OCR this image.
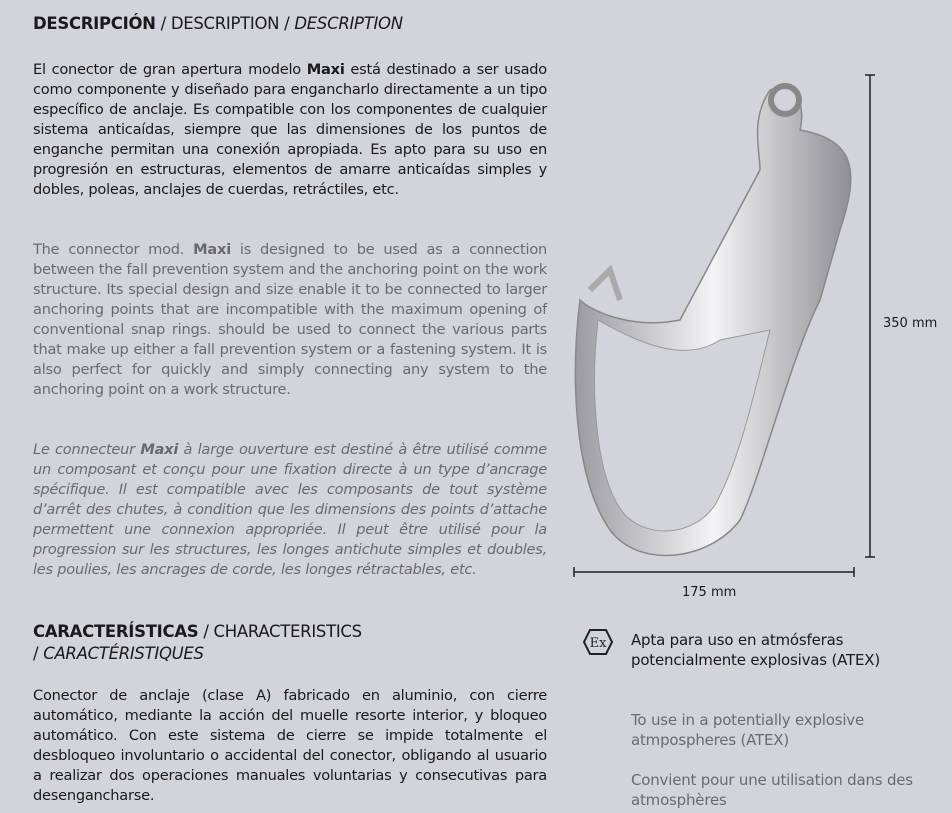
DESCRIPCIÓN / DESCRIPTION / DESCRIPTION
El conector de gran apertura modelo Maxi está destinado a ser usado como componente y diseñado para engancharlo directamente a un tipo específico de anclaje. Es compatible con los componentes de cualquier sistema anticaídas, siempre que las dimensiones de los puntos de enganche permitan una conexión apropiada. Es apto para su uso en progresión en estructuras, elementos de amarre anticaídas simples y dobles, poleas, anclajes de cuerdas, retráctiles, etc.
The connector mod. Maxi is designed to be used as a connection between the fall prevention system and the anchoring point on the work structure. Its special design and size enable it to be connected to larger anchoring points that are incompatible with the maximum opening of conventional snap rings. should be used to connect the various parts that make up either a fall prevention system or a fastening system. It is also perfect for quickly and simply connecting any system to the anchoring point on a work structure.
Le connecteur Maxi à large ouverture est destiné à être utilisé comme un composant et conçu pour une fixation directe à un type d’ancrage spécifique. Il est compatible avec les composants de tout système d’arrêt des chutes, à condition que les dimensions des points d’attache permettent une connexion appropriée. Il peut être utilisé pour la progression sur les structures, les longes antichute simples et doubles, les poulies, les ancrages de corde, les longes rétractables, etc.
CARACTERÍSTICAS / CHARACTERISTICS
/ CARACTÉRISTIQUES
Conector de anclaje (clase A) fabricado en aluminio, con cierre automático, mediante la acción del muelle resorte interior, y bloqueo automático. Con este sistema de cierre se impide totalmente el desbloqueo involuntario o accidental del conector, obligando al usuario a realizar dos operaciones manuales voluntarias y consecutivas para desengancharse.
350 mm
175 mm
Ex Apta para uso en atmósferas potencialmente explosivas (ATEX)
To use in a potentially explosive atmpospheres (ATEX)
Convient pour une utilisation dans des atmosphères
